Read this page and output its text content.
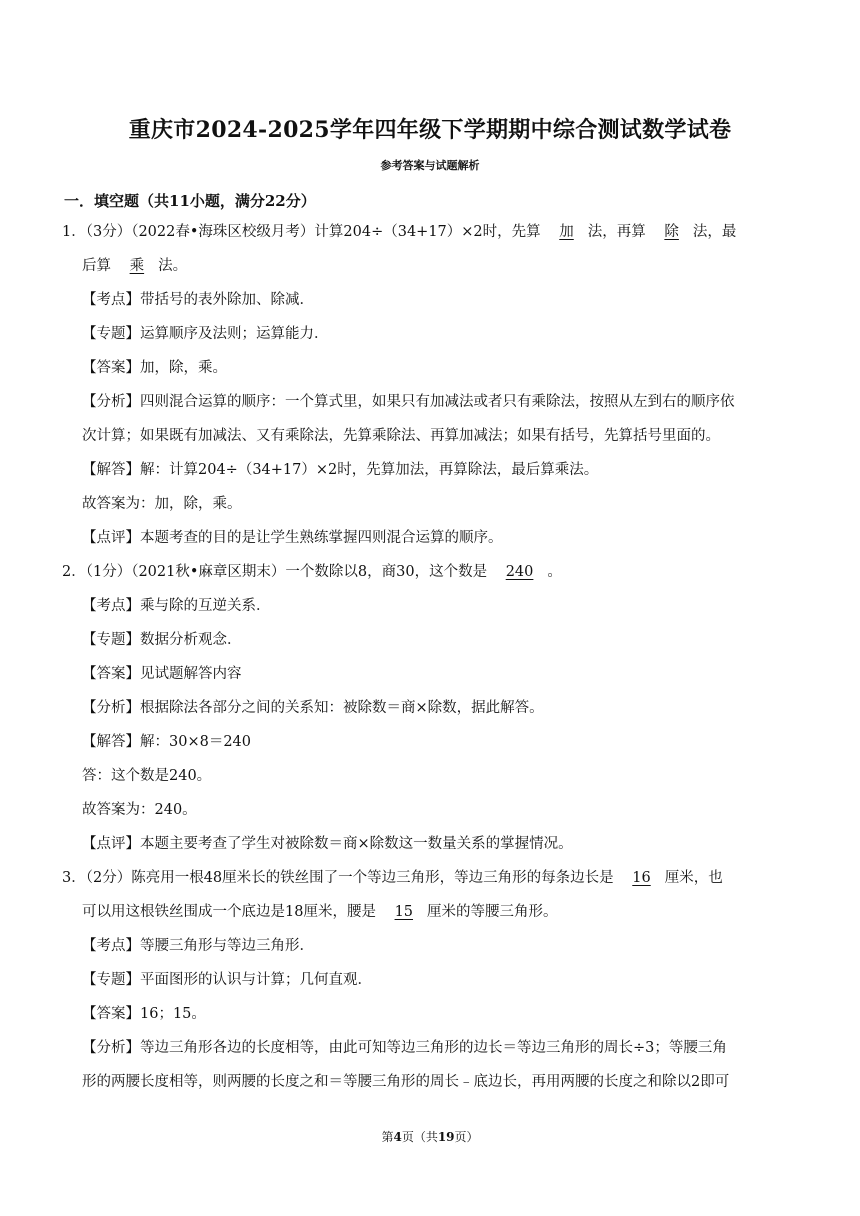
重庆市2024-2025学年四年级下学期期中综合测试数学试卷
参考答案与试题解析
一．填空题（共11小题，满分22分）
1．（3分）（2022春•海珠区校级月考）计算204÷（34+17）×2时，先算 加 法，再算 除 法，最
后算 乘 法。
【考点】带括号的表外除加、除减．
【专题】运算顺序及法则；运算能力．
【答案】加，除，乘。
【分析】四则混合运算的顺序：一个算式里，如果只有加减法或者只有乘除法，按照从左到右的顺序依
次计算；如果既有加减法、又有乘除法，先算乘除法、再算加减法；如果有括号，先算括号里面的。
【解答】解：计算204÷（34+17）×2时，先算加法，再算除法，最后算乘法。
故答案为：加，除，乘。
【点评】本题考查的目的是让学生熟练掌握四则混合运算的顺序。
2．（1分）（2021秋•麻章区期末）一个数除以8，商30，这个数是 240 。
【考点】乘与除的互逆关系．
【专题】数据分析观念．
【答案】见试题解答内容
【分析】根据除法各部分之间的关系知：被除数＝商×除数，据此解答。
【解答】解：30×8＝240
答：这个数是240。
故答案为：240。
【点评】本题主要考查了学生对被除数＝商×除数这一数量关系的掌握情况。
3．（2分）陈亮用一根48厘米长的铁丝围了一个等边三角形，等边三角形的每条边长是 16 厘米，也
可以用这根铁丝围成一个底边是18厘米，腰是 15 厘米的等腰三角形。
【考点】等腰三角形与等边三角形．
【专题】平面图形的认识与计算；几何直观．
【答案】16；15。
【分析】等边三角形各边的长度相等，由此可知等边三角形的边长＝等边三角形的周长÷3；等腰三角
形的两腰长度相等，则两腰的长度之和＝等腰三角形的周长﹣底边长，再用两腰的长度之和除以2即可
第4页（共19页）
